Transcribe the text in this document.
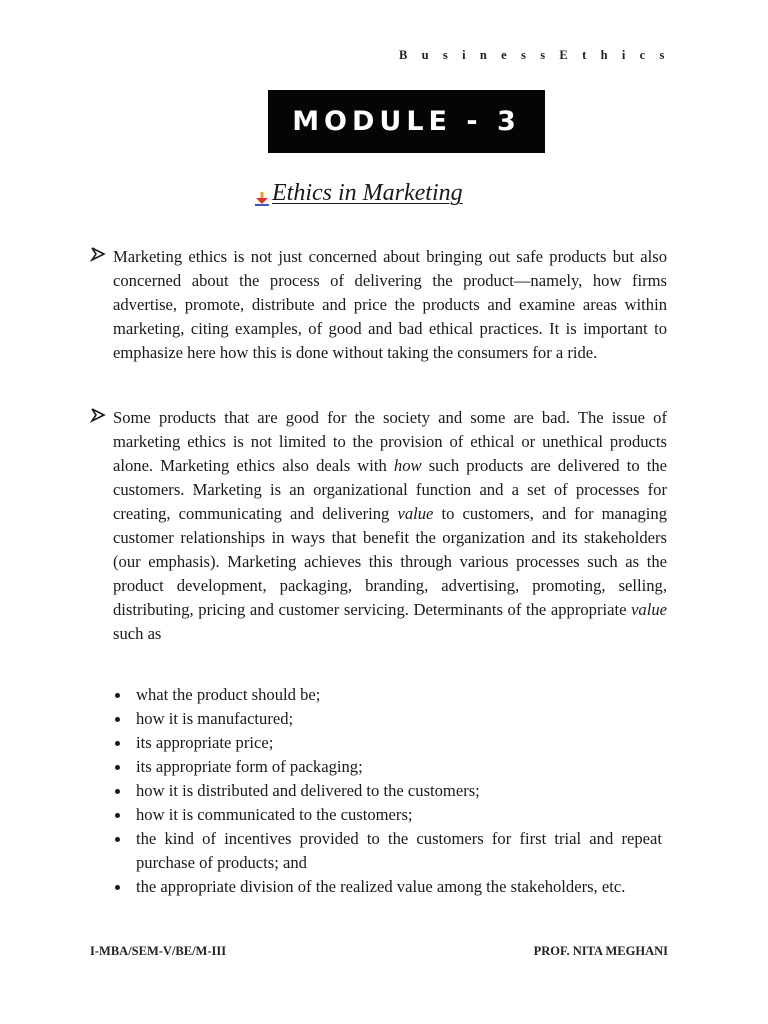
B u s i n e s s E t h i c s
MODULE - 3
Ethics in Marketing
Marketing ethics is not just concerned about bringing out safe products but also concerned about the process of delivering the product—namely, how firms advertise, promote, distribute and price the products and examine areas within marketing, citing examples, of good and bad ethical practices. It is important to emphasize here how this is done without taking the consumers for a ride.
Some products that are good for the society and some are bad. The issue of marketing ethics is not limited to the provision of ethical or unethical products alone. Marketing ethics also deals with how such products are delivered to the customers. Marketing is an organizational function and a set of processes for creating, communicating and delivering value to customers, and for managing customer relationships in ways that benefit the organization and its stakeholders (our emphasis). Marketing achieves this through various processes such as the product development, packaging, branding, advertising, promoting, selling, distributing, pricing and customer servicing. Determinants of the appropriate value such as
what the product should be;
how it is manufactured;
its appropriate price;
its appropriate form of packaging;
how it is distributed and delivered to the customers;
how it is communicated to the customers;
the kind of incentives provided to the customers for first trial and repeat purchase of products; and
the appropriate division of the realized value among the stakeholders, etc.
I-MBA/SEM-V/BE/M-III	PROF. NITA MEGHANI
